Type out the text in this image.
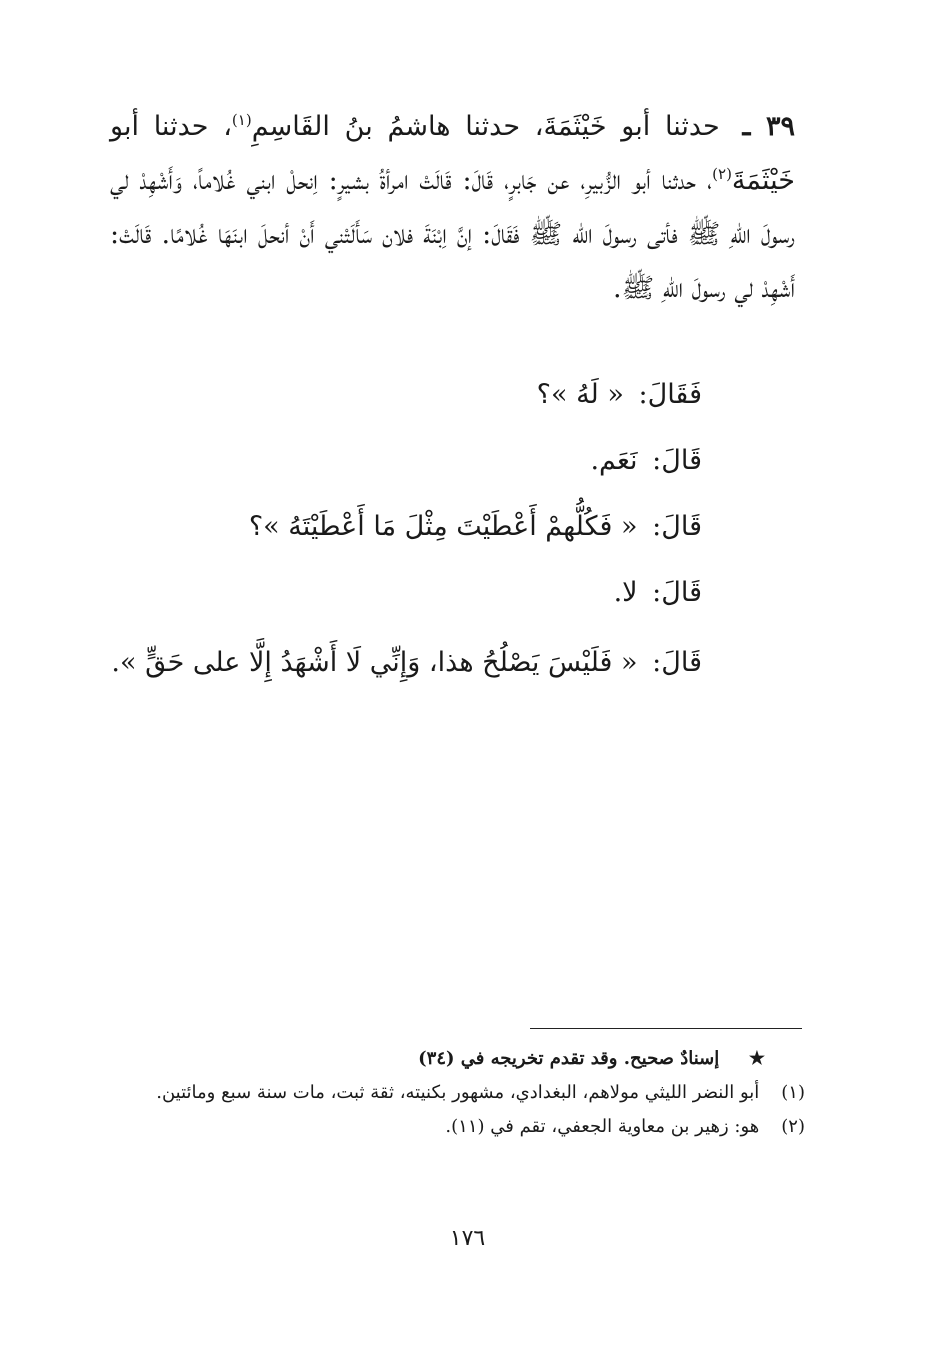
٣٩ ـ حدثنا أبو خَيْثَمَةَ، حدثنا هاشمُ بنُ القَاسِمِ$^{(١)}$، حدثنا أبو خَيْثَمَةَ$^{(٢)}$، حدثنا أبو الزُّبيرِ، عن جَابرٍ، قَالَ: قَالَتْ امرأةُ بشيرٍ: اِنحلْ ابني غُلاماً، وَأَشْهِدْ لي رسولَ اللهِ ﷺ فأتى رسولَ الله ﷺ فَقَالَ: إنَّ اِبْنَةَ فلان سَأَلَتْني أَنْ أنحلَ ابنَهَا غُلامًا. قَالَتْ: أَشْهِدْ لي رسولَ اللهِ ﷺ.
فَقَالَ: « لَهُ »؟
قَالَ: نَعَم.
قَالَ: « فَكُلُّهمْ أَعْطَيْتَ مِثْلَ مَا أَعْطَيْتَهُ »؟
قَالَ: لا.
قَالَ: « فَلَيْسَ يَصْلُحُ هذا، وَإِنِّي لَا أَشْهَدُ إِلَّا على حَقٍّ ».
★ إسنادٌ صحيح. وقد تقدم تخريجه في (٣٤)
(١) أبو النضر الليثي مولاهم، البغدادي، مشهور بكنيته، ثقة ثبت، مات سنة سبع ومائتين.
(٢) هو: زهير بن معاوية الجعفي، تقم في (١١).
١٧٦
